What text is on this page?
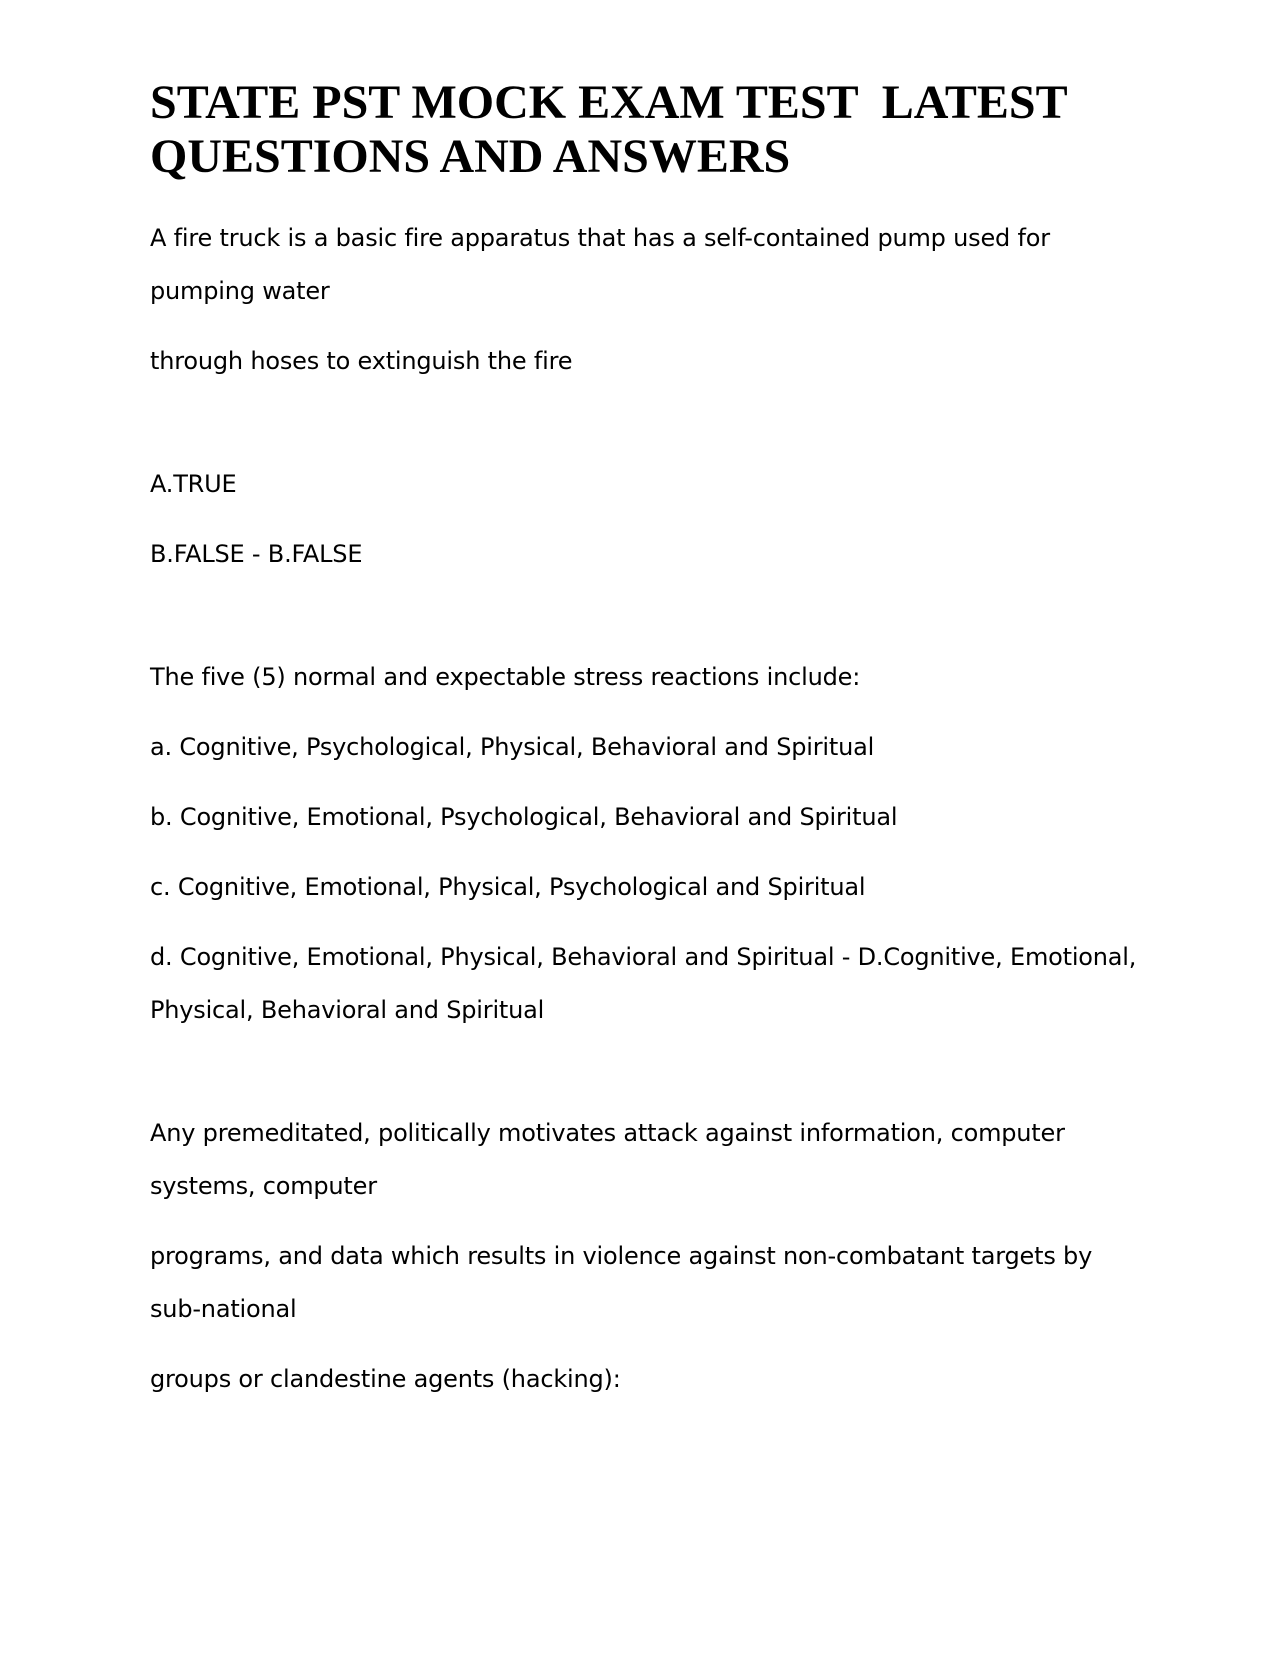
STATE PST MOCK EXAM TEST  LATEST QUESTIONS AND ANSWERS

A fire truck is a basic fire apparatus that has a self-contained pump used for pumping water

through hoses to extinguish the fire

A.TRUE

B.FALSE - B.FALSE

The five (5) normal and expectable stress reactions include:

a. Cognitive, Psychological, Physical, Behavioral and Spiritual

b. Cognitive, Emotional, Psychological, Behavioral and Spiritual

c. Cognitive, Emotional, Physical, Psychological and Spiritual

d. Cognitive, Emotional, Physical, Behavioral and Spiritual - D.Cognitive, Emotional, Physical, Behavioral and Spiritual

Any premeditated, politically motivates attack against information, computer systems, computer

programs, and data which results in violence against non-combatant targets by sub-national

groups or clandestine agents (hacking):
